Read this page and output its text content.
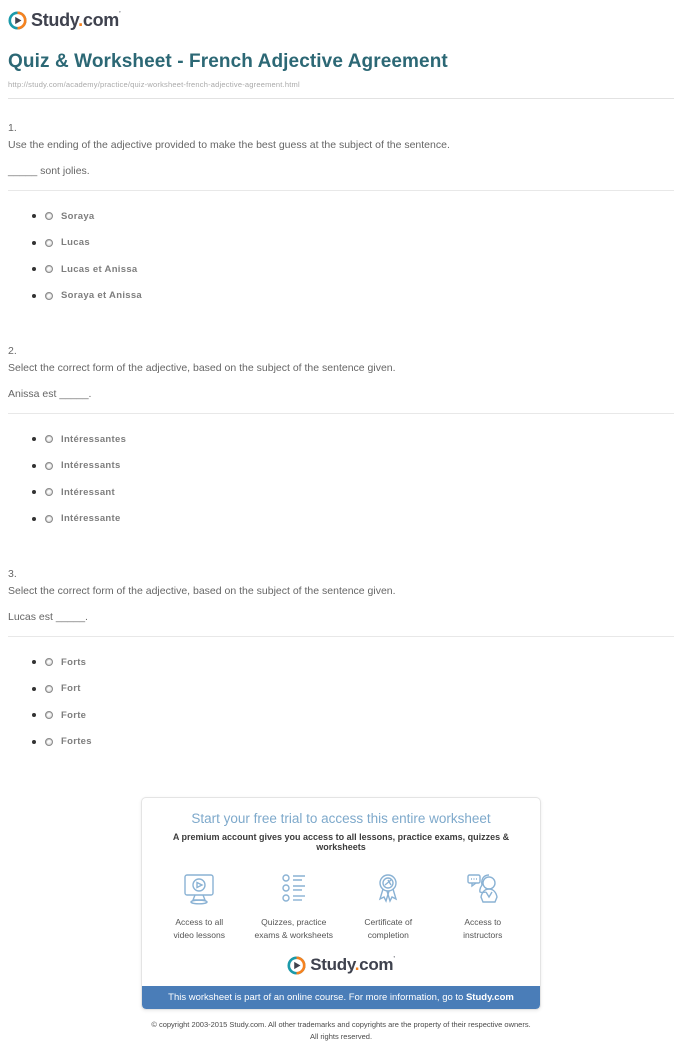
Study.com’
Quiz & Worksheet - French Adjective Agreement
http://study.com/academy/practice/quiz-worksheet-french-adjective-agreement.html
1.
Use the ending of the adjective provided to make the best guess at the subject of the sentence.
_____ sont jolies.
Soraya
Lucas
Lucas et Anissa
Soraya et Anissa
2.
Select the correct form of the adjective, based on the subject of the sentence given.
Anissa est _____.
Intéressantes
Intéressants
Intéressant
Intéressante
3.
Select the correct form of the adjective, based on the subject of the sentence given.
Lucas est _____.
Forts
Fort
Forte
Fortes
Start your free trial to access this entire worksheet
A premium account gives you access to all lessons, practice exams, quizzes & worksheets
Access to all
video lessons
Quizzes, practice
exams & worksheets
Certificate of
completion
Access to
instructors
Study.com’
This worksheet is part of an online course. For more information, go to Study.com
© copyright 2003-2015 Study.com. All other trademarks and copyrights are the property of their respective owners.
All rights reserved.
